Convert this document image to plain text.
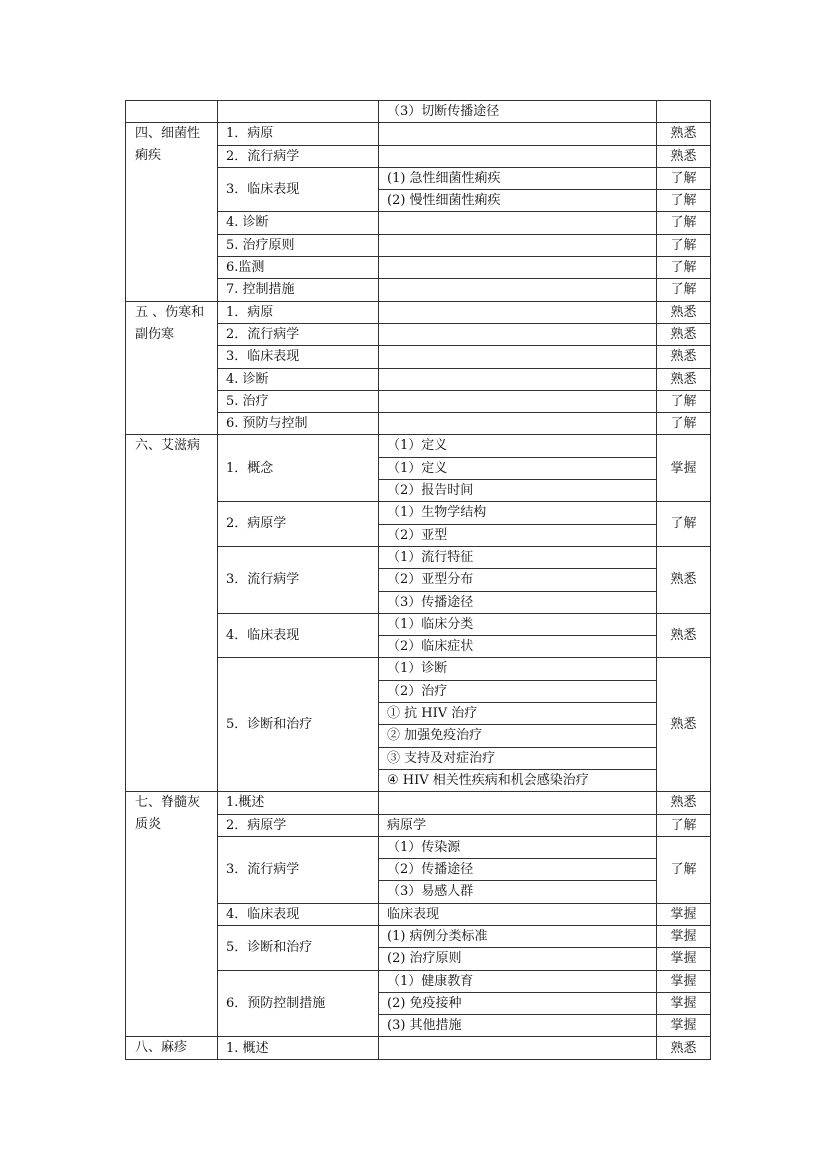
		（3）切断传播途径	
四、细菌性痢疾	1．病原		熟悉
	2．流行病学		熟悉
	3．临床表现	(1) 急性细菌性痢疾	了解
		(2) 慢性细菌性痢疾	了解
	4. 诊断		了解
	5. 治疗原则		了解
	6.监测		了解
	7. 控制措施		了解
五 、伤寒和副伤寒	1．病原		熟悉
	2．流行病学		熟悉
	3．临床表现		熟悉
	4. 诊断		熟悉
	5. 治疗		了解
	6. 预防与控制		了解
六、艾滋病	1．概念	（1）定义	掌握
		（1）定义	
		（2）报告时间	
	2．病原学	（1）生物学结构	了解
		（2）亚型	
	3．流行病学	（1）流行特征	熟悉
		（2）亚型分布	
		（3）传播途径	
	4．临床表现	（1）临床分类	熟悉
		（2）临床症状	
	5．诊断和治疗	（1）诊断	熟悉
		（2）治疗	
		① 抗 HIV 治疗	
		② 加强免疫治疗	
		③ 支持及对症治疗	
		④ HIV 相关性疾病和机会感染治疗	
七、脊髓灰质炎	1.概述		熟悉
	2．病原学	病原学	了解
	3．流行病学	（1）传染源	了解
		（2）传播途径	
		（3）易感人群	
	4．临床表现	临床表现	掌握
	5．诊断和治疗	(1) 病例分类标准	掌握
		(2) 治疗原则	掌握
	6．预防控制措施	（1）健康教育	掌握
		(2) 免疫接种	掌握
		(3) 其他措施	掌握
八、麻疹	1. 概述		熟悉
